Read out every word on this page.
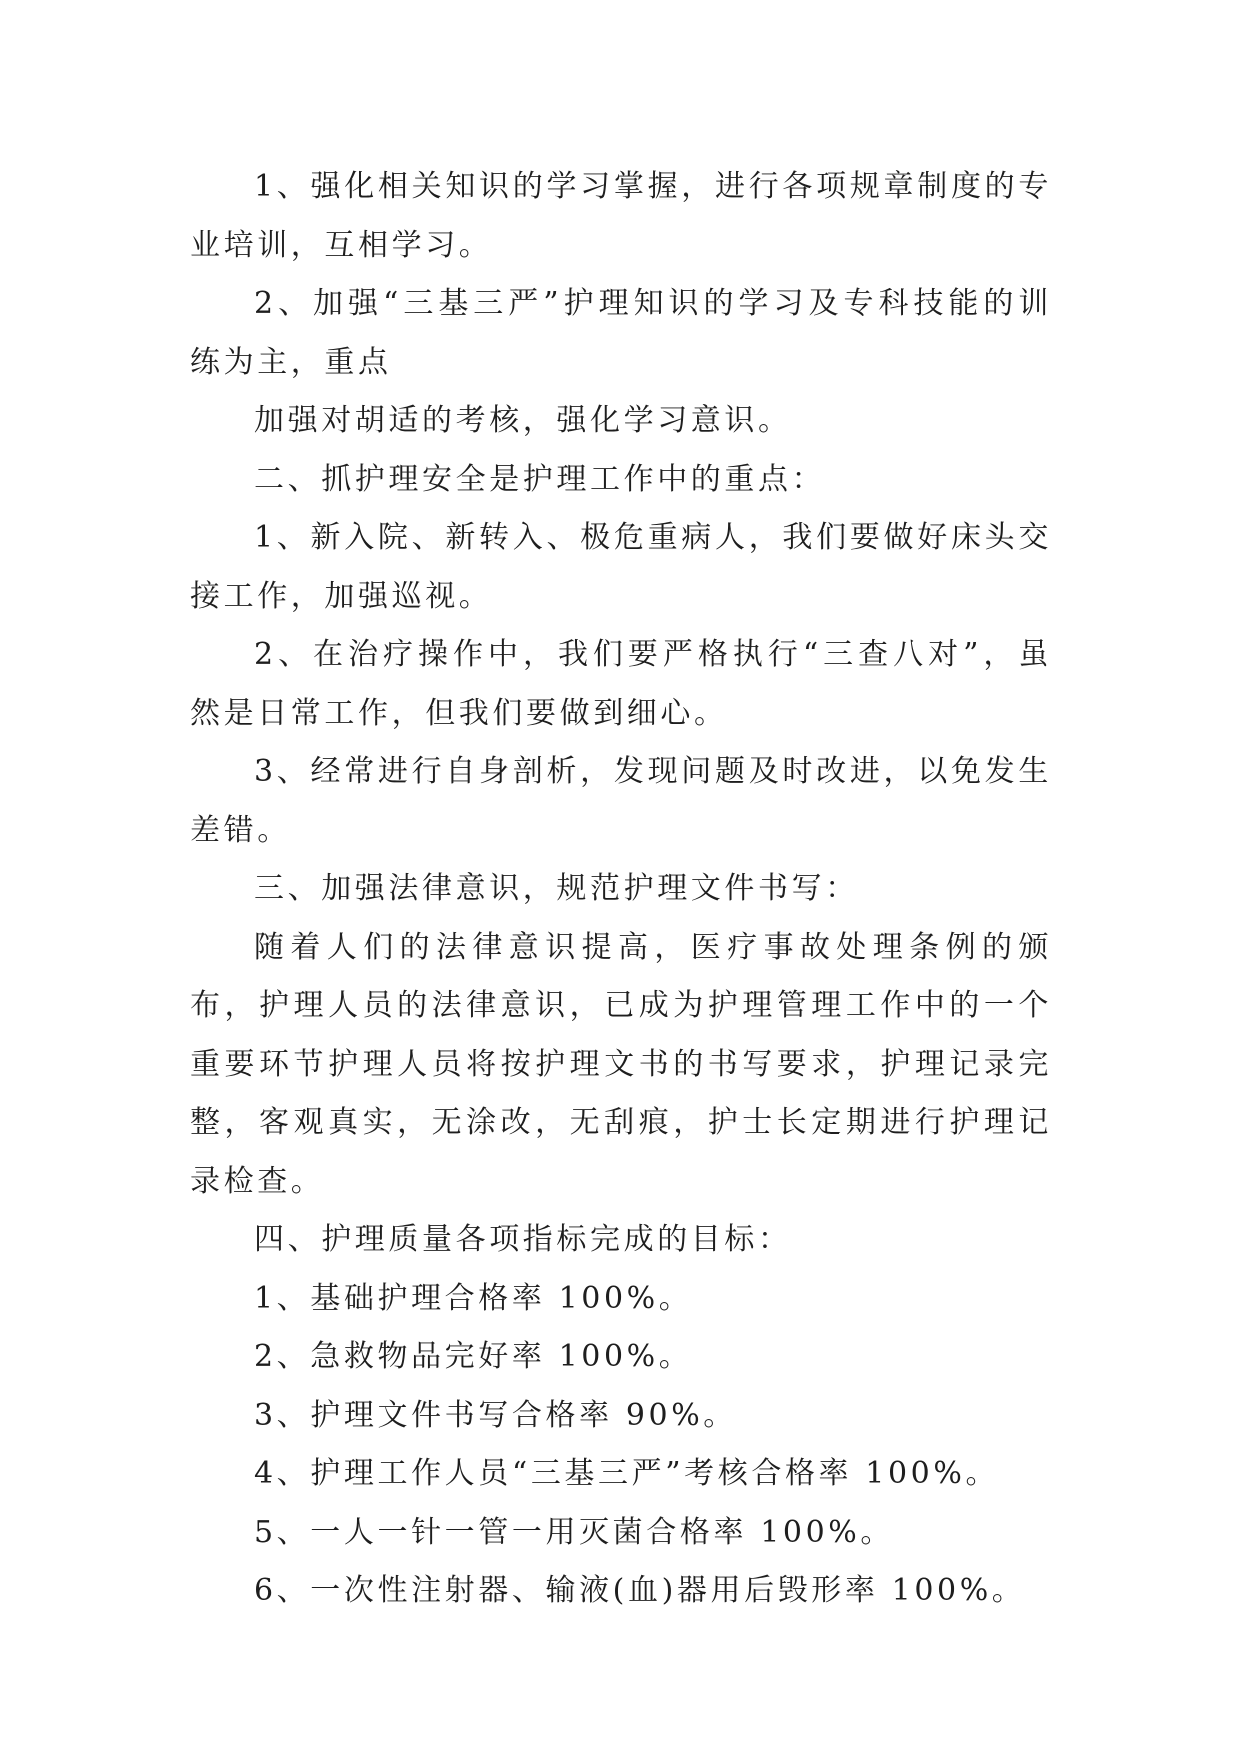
1、强化相关知识的学习掌握，进行各项规章制度的专业培训，互相学习。

2、加强“三基三严”护理知识的学习及专科技能的训练为主，重点

加强对胡适的考核，强化学习意识。

二、抓护理安全是护理工作中的重点：

1、新入院、新转入、极危重病人，我们要做好床头交接工作，加强巡视。

2、在治疗操作中，我们要严格执行“三查八对”，虽然是日常工作，但我们要做到细心。

3、经常进行自身剖析，发现问题及时改进，以免发生差错。

三、加强法律意识，规范护理文件书写：

随着人们的法律意识提高，医疗事故处理条例的颁布，护理人员的法律意识，已成为护理管理工作中的一个重要环节护理人员将按护理文书的书写要求，护理记录完整，客观真实，无涂改，无刮痕，护士长定期进行护理记录检查。

四、护理质量各项指标完成的目标：

1、基础护理合格率 100%。

2、急救物品完好率 100%。

3、护理文件书写合格率 90%。

4、护理工作人员“三基三严”考核合格率 100%。

5、一人一针一管一用灭菌合格率 100%。

6、一次性注射器、输液(血)器用后毁形率 100%。
